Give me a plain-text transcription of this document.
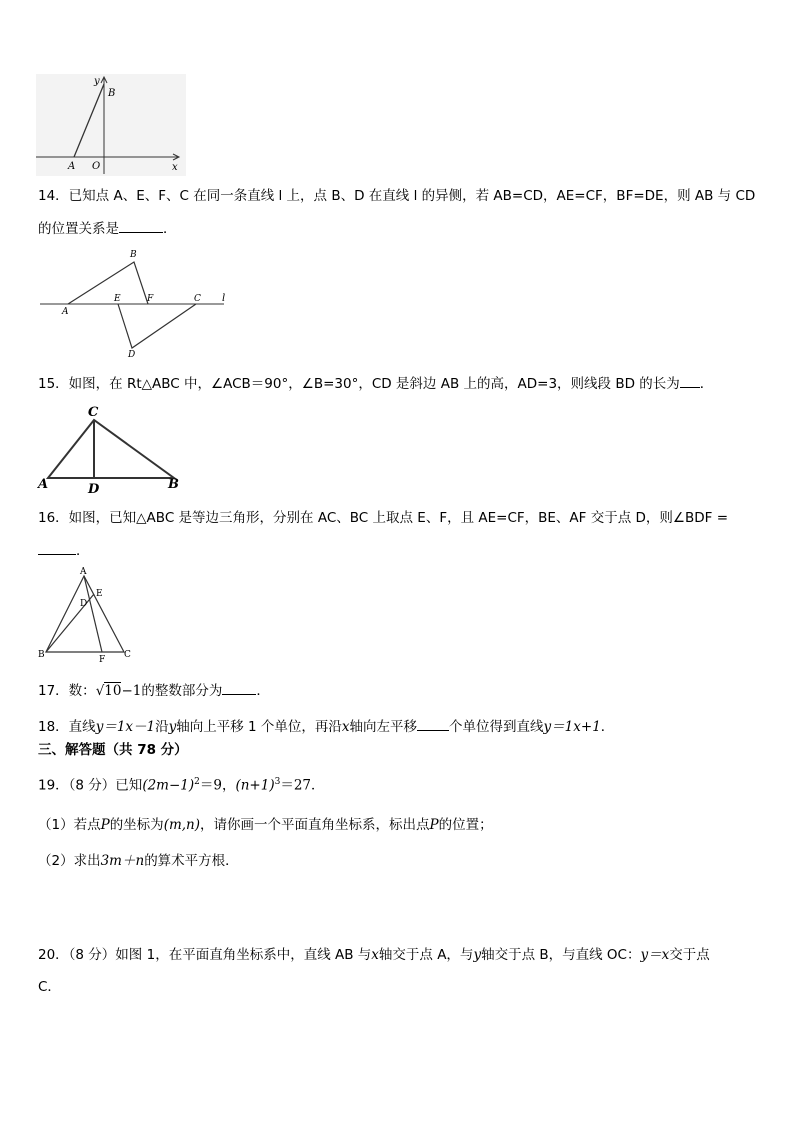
y
B
A O	x
14．已知点 A、E、F、C 在同一条直线 l 上，点 B、D 在直线 l 的异侧，若 AB=CD，AE=CF，BF=DE，则 AB 与 CD
的位置关系是	．
B
A
E	F	C l
D
15．如图，在 Rt△ABC 中，∠ACB＝90°，∠B=30°，CD 是斜边 AB 上的高，AD=3，则线段 BD 的长为 ．
C
A	D	B
16．如图，已知△ABC 是等边三角形，分别在 AC、BC 上取点 E、F，且 AE=CF，BE、AF 交于点 D，则∠BDF =
．
A
E
D
B	F C
17．数：√10−1的整数部分为	．
18．直线y＝1x－1沿y轴向上平移 1 个单位，再沿x轴向左平移 个单位得到直线y＝1x+1．
三、解答题（共 78 分）
19．（8 分）已知$(2m-1)^2=9$，$(n+1)^3=27$．
（1）若点P的坐标为(m,n)，请你画一个平面直角坐标系，标出点P的位置；
（2）求出3m＋n的算术平方根．
20．（8 分）如图 1，在平面直角坐标系中，直线 AB 与x轴交于点 A，与y轴交于点 B，与直线 OC：y＝x交于点
C．
